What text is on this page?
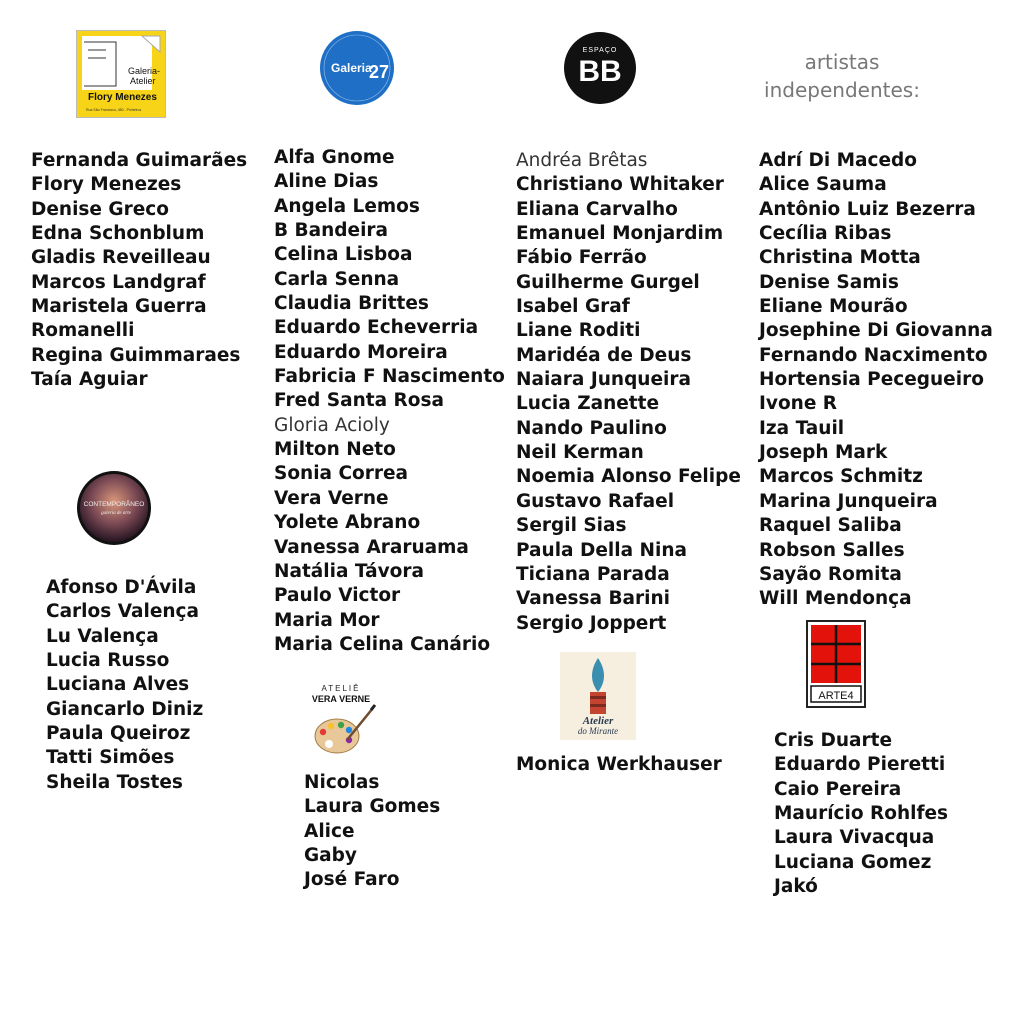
Galeria-
Atelier
Flory Menezes
Rua São Francisco, 480 - Pinheiros
Galeria
27
ESPAÇO
BB	artistas
independentes:
CONTEMPORÂNEO
galeria de arte
ATELIÊ
VERA VERNE
Atelier
do Mirante
ARTE4
Fernanda Guimarães
Flory Menezes
Denise Greco
Edna Schonblum
Gladis Reveilleau
Marcos Landgraf
Maristela Guerra
Romanelli
Regina Guimmaraes
Taía Aguiar
Afonso D'Ávila
Carlos Valença
Lu Valença
Lucia Russo
Luciana Alves
Giancarlo Diniz
Paula Queiroz
Tatti Simões
Sheila Tostes
Alfa Gnome
Aline Dias
Angela Lemos
B Bandeira
Celina Lisboa
Carla Senna
Claudia Brittes
Eduardo Echeverria
Eduardo Moreira
Fabricia F Nascimento
Fred Santa Rosa
Gloria Acioly
Milton Neto
Sonia Correa
Vera Verne
Yolete Abrano
Vanessa Araruama
Natália Távora
Paulo Victor
Maria Mor
Maria Celina Canário
Nicolas
Laura Gomes
Alice
Gaby
José Faro
Andréa Brêtas
Christiano Whitaker
Eliana Carvalho
Emanuel Monjardim
Fábio Ferrão
Guilherme Gurgel
Isabel Graf
Liane Roditi
Maridéa de Deus
Naiara Junqueira
Lucia Zanette
Nando Paulino
Neil Kerman
Noemia Alonso Felipe
Gustavo Rafael
Sergil Sias
Paula Della Nina
Ticiana Parada
Vanessa Barini
Sergio Joppert
Monica Werkhauser
Adrí Di Macedo
Alice Sauma
Antônio Luiz Bezerra
Cecília Ribas
Christina Motta
Denise Samis
Eliane Mourão
Josephine Di Giovanna
Fernando Nacximento
Hortensia Pecegueiro
Ivone R
Iza Tauil
Joseph Mark
Marcos Schmitz
Marina Junqueira
Raquel Saliba
Robson Salles
Sayão Romita
Will Mendonça
Cris Duarte
Eduardo Pieretti
Caio Pereira
Maurício Rohlfes
Laura Vivacqua
Luciana Gomez
Jakó
